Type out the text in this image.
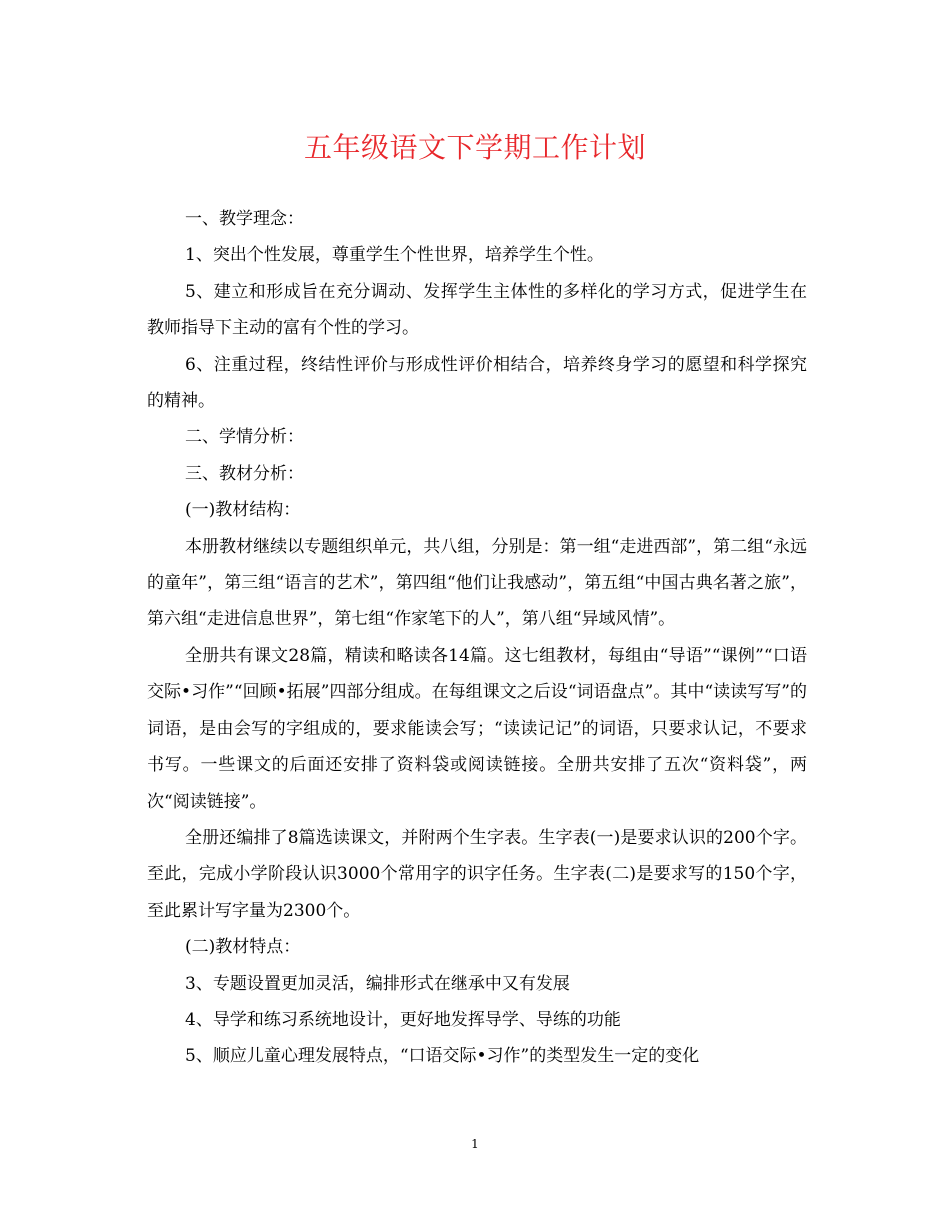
五年级语文下学期工作计划

一、教学理念：

1、突出个性发展，尊重学生个性世界，培养学生个性。

5、建立和形成旨在充分调动、发挥学生主体性的多样化的学习方式，促进学生在教师指导下主动的富有个性的学习。

6、注重过程，终结性评价与形成性评价相结合，培养终身学习的愿望和科学探究的精神。

二、学情分析：

三、教材分析：

(一)教材结构：

本册教材继续以专题组织单元，共八组，分别是：第一组“走进西部”，第二组“永远的童年”，第三组“语言的艺术”，第四组“他们让我感动”，第五组“中国古典名著之旅”，第六组“走进信息世界”，第七组“作家笔下的人”，第八组“异域风情”。

全册共有课文28篇，精读和略读各14篇。这七组教材，每组由“导语”“课例”“口语交际•习作”“回顾•拓展”四部分组成。在每组课文之后设“词语盘点”。其中“读读写写”的词语，是由会写的字组成的，要求能读会写；“读读记记”的词语，只要求认记，不要求书写。一些课文的后面还安排了资料袋或阅读链接。全册共安排了五次“资料袋”，两次“阅读链接”。

全册还编排了8篇选读课文，并附两个生字表。生字表(一)是要求认识的200个字。至此，完成小学阶段认识3000个常用字的识字任务。生字表(二)是要求写的150个字，至此累计写字量为2300个。

(二)教材特点：

3、专题设置更加灵活，编排形式在继承中又有发展

4、导学和练习系统地设计，更好地发挥导学、导练的功能

5、顺应儿童心理发展特点，“口语交际•习作”的类型发生一定的变化

1
